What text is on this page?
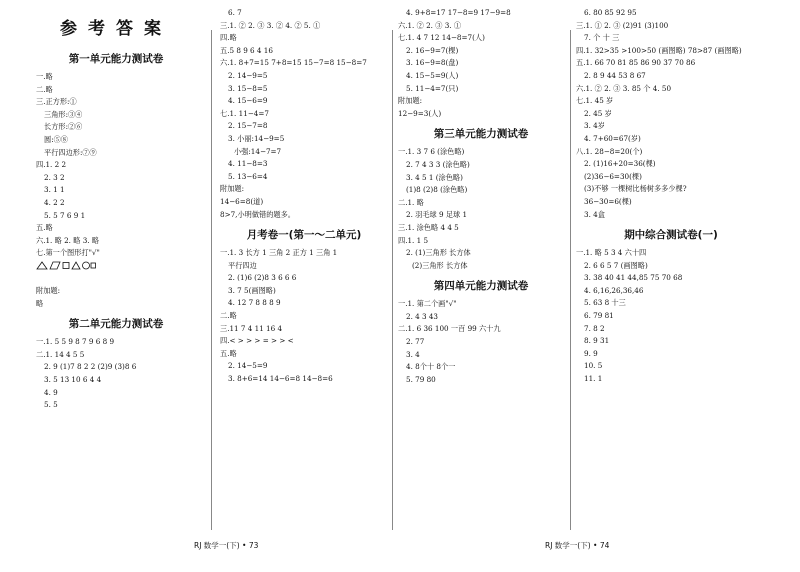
参考答案
第一单元能力测试卷
一.略
二.略
三.正方形:①
三角形:③④
长方形:②⑥
圆:⑤⑧
平行四边形:⑦⑨
四.1. 2 2
2. 3 2
3. 1 1
4. 2 2
5. 5 7 6 9 1
五.略
六.1. 略 2. 略 3. 略
七.第一个图形打"√"
附加题:
略
第二单元能力测试卷
一.1. 5 5 9 8 7 9 6 8 9
二.1. 14 4 5 5
2. 9 (1)7 8 2 2 (2)9 (3)8 6
3. 5 13 10 6 4 4
4. 9
5. 5
6. 7
三.1. ② 2. ③ 3. ② 4. ② 5. ①
四.略
五.5 8 9 6 4 16
六.1. 8+7=15 7+8=15 15−7=8 15−8=7
2. 14−9=5
3. 15−8=5
4. 15−6=9
七.1. 11−4=7
2. 15−7=8
3. 小丽:14−9=5
小强:14−7=7
4. 11−8=3
5. 13−6=4
附加题:
14−6=8(道)
8>7,小明做错的题多。
月考卷一(第一～二单元)
一.1. 3 长方 1 三角 2 正方 1 三角 1
平行四边
2. (1)6 (2)8 3 6 6 6
3. 7 5(画图略)
4. 12 7 8 8 8 9
二.略
三.11 7 4 11 16 4
四.< > > > = > > <
五.略
2. 14−5=9
3. 8+6=14 14−6=8 14−8=6
4. 9+8=17 17−8=9 17−9=8
六.1. ② 2. ③ 3. ①
七.1. 4 7 12 14−8=7(人)
2. 16−9=7(棵)
3. 16−9=8(盘)
4. 15−5=9(人)
5. 11−4=7(只)
附加题:
12−9=3(人)
第三单元能力测试卷
一.1. 3 7 6 (涂色略)
2. 7 4 3 3 (涂色略)
3. 4 5 1 (涂色略)
(1)8 (2)8 (涂色略)
二.1. 略
2. 羽毛球 9 足球 1
三.1. 涂色略 4 4 5
四.1. 1 5
2. (1)三角形 长方体
(2)三角形 长方体
第四单元能力测试卷
一.1. 第二个画"√"
2. 4 3 43
二.1. 6 36 100 一百 99 六十九
2. 77
3. 4
4. 8个十 8个一
5. 79 80
6. 80 85 92 95
三.1. ① 2. ③ (2)91 (3)100
7. 个 十 三
四.1. 32>35 >100>50 (画图略) 78>87 (画图略)
五.1. 66 70 81 85 86 90 37 70 86
2. 8 9 44 53 8 67
六.1. ② 2. ③ 3. 85 个 4. 50
七.1. 45 岁
2. 45 岁
3. 4岁
4. 7+60=67(岁)
八.1. 28−8=20(个)
2. (1)16+20=36(棵)
(2)36−6=30(棵)
(3)不够 一棵树比杨树多多少棵?
36−30=6(棵)
3. 4盒
期中综合测试卷(一)
一.1. 略 5 3 4 六十四
2. 6 6 5 7 (画图略)
3. 38 40 41 44,85 75 70 68
4. 6,16,26,36,46
5. 63 8 十三
6. 79 81
7. 8 2
8. 9 31
9. 9
10. 5
11. 1
RJ 数学一(下) • 73	RJ 数学一(下) • 74
